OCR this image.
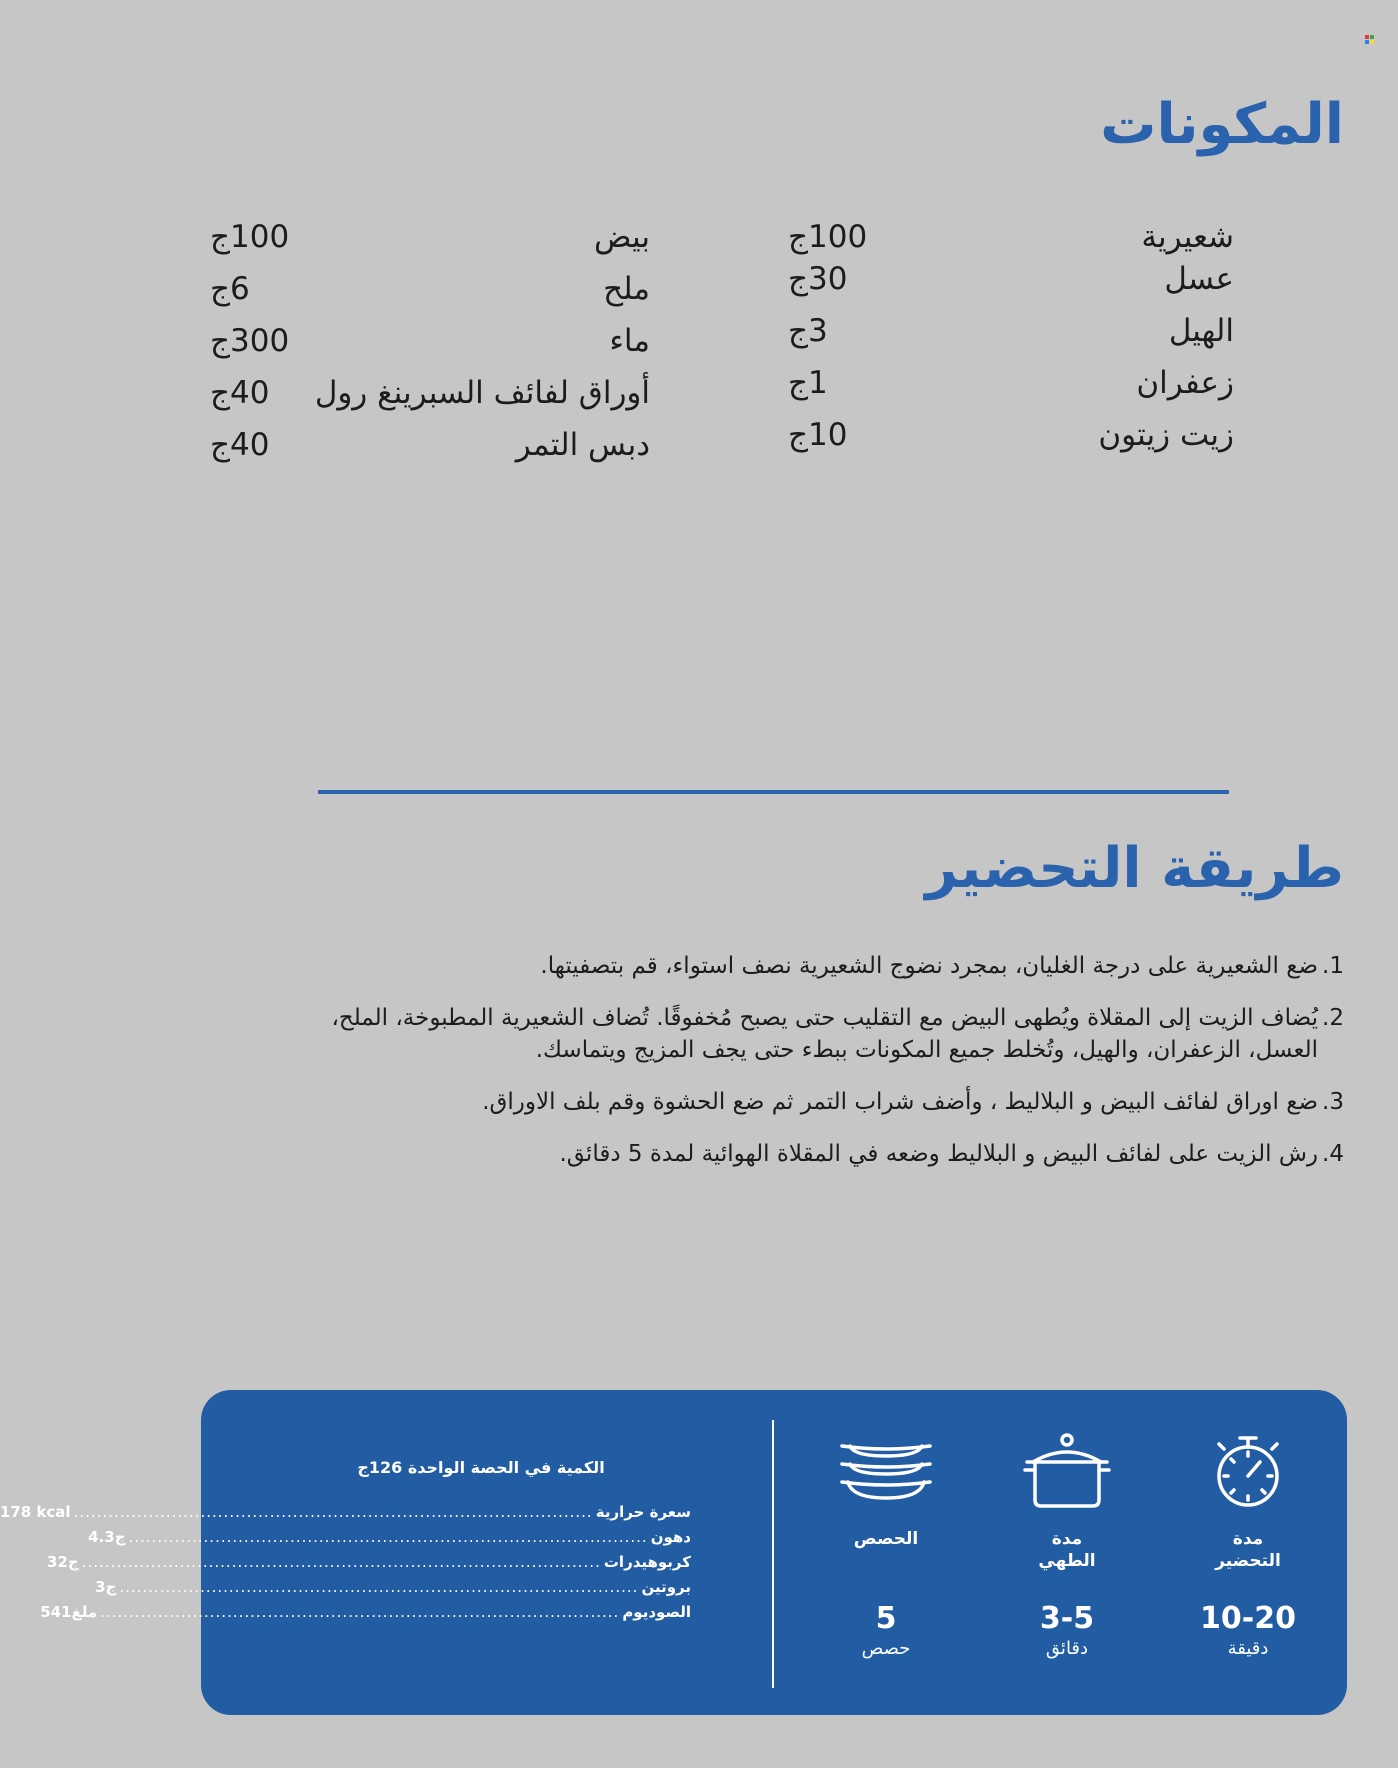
المكونات
شعيرية
100ج
عسل
30ج
الهيل
3ج
زعفران
1ج
زيت زيتون
10ج
بيض
100ج
ملح
6ج
ماء
300ج
أوراق لفائف السبرينغ رول
40ج
دبس التمر
40ج
طريقة التحضير
1.
ضع الشعيرية على درجة الغليان، بمجرد نضوج الشعيرية نصف استواء، قم بتصفيتها.
2.
يُضاف الزيت إلى المقلاة ويُطهى البيض مع التقليب حتى يصبح مُخفوقًا. تُضاف الشعيرية المطبوخة، الملح، العسل، الزعفران، والهيل، وتُخلط جميع المكونات ببطء حتى يجف المزيج ويتماسك.
3.
ضع اوراق لفائف البيض و البلاليط ، وأضف شراب التمر ثم ضع الحشوة وقم بلف الاوراق.
4.
رش الزيت على لفائف البيض و البلاليط وضعه في المقلاة الهوائية لمدة 5 دقائق.
مدة
التحضير
10-20
دقيقة
مدة
الطهي
3-5
دقائق
الحصص
5
حصص
الكمية في الحصة الواحدة 126ج
سعرة حرارية
..........................................................................................
178 kcal
دهون
..........................................................................................
4.3ج
كربوهيدرات
..........................................................................................
32ج
بروتين
..........................................................................................
3ج
الصوديوم
..........................................................................................
541ملغ
